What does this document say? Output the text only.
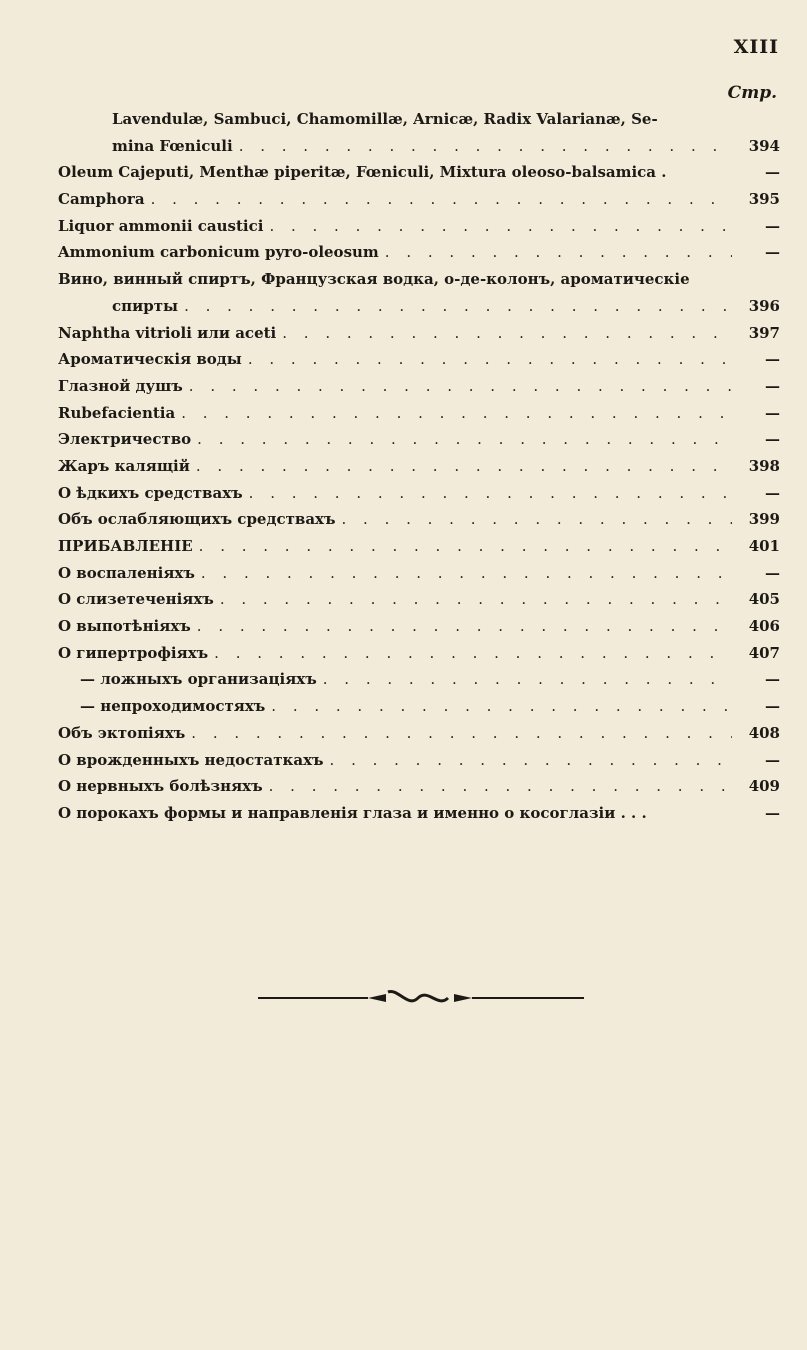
XIII
Стр.
Lavendulæ, Sambuci, Chamomillæ, Arnicæ, Radix Valarianæ, Se-
mina Fœniculi . . .	394
Oleum Cajeputi, Menthæ piperitæ, Fœniculi, Mixtura oleoso-balsamica .	—
Camphora . . .	395
Liquor ammonii caustici . . .	—
Ammonium carbonicum pyro-oleosum . . .	—
Вино, винный спиртъ, Французская водка, о-де-колонъ, ароматическіе
спирты . . .	396
Naphtha vitrioli или aceti . . .	397
Ароматическія воды . . .	—
Глазной душъ . . .	—
Rubefacientia . . .	—
Электричество . . .	—
Жаръ калящій . . .	398
О ѣдкихъ средствахъ . . .	—
Объ ослабляющихъ средствахъ . . .	399
ПРИБАВЛЕНІЕ . . .	401
О воспаленіяхъ . . .	—
О слизетеченіяхъ . . .	405
О выпотѣніяхъ . . .	406
О гипертрофіяхъ . . .	407
— ложныхъ организаціяхъ . . .	—
— непроходимостяхъ . . .	—
Объ эктопіяхъ . . .	408
О врожденныхъ недостаткахъ . . .	—
О нервныхъ болѣзняхъ . . .	409
О порокахъ формы и направленія глаза и именно о косоглазіи . . .	—
